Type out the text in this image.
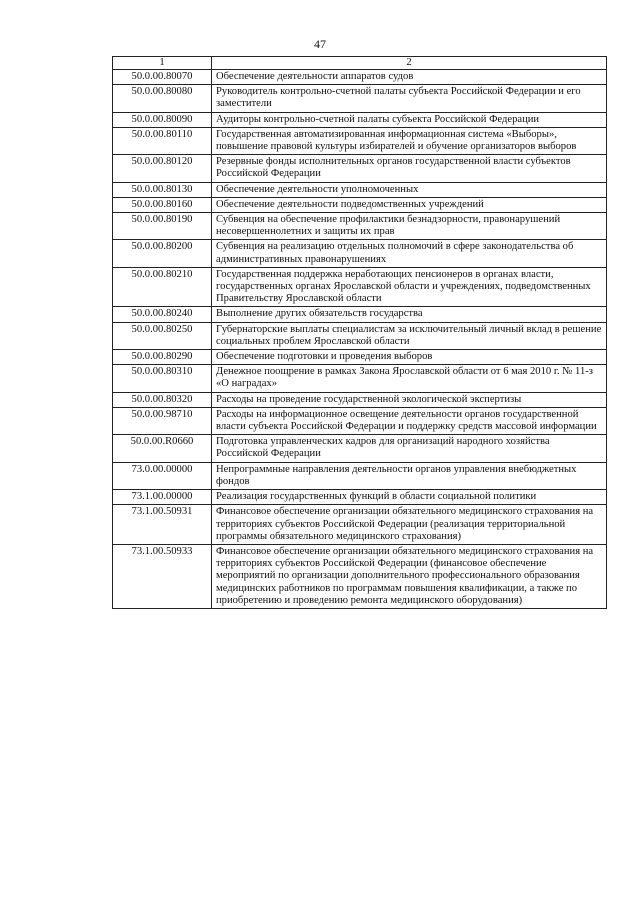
47
1	2
50.0.00.80070	Обеспечение деятельности аппаратов судов
50.0.00.80080	Руководитель контрольно-счетной палаты субъекта Российской Федерации и его заместители
50.0.00.80090	Аудиторы контрольно-счетной палаты субъекта Российской Федерации
50.0.00.80110	Государственная автоматизированная информационная система «Выборы», повышение правовой культуры избирателей и обучение организаторов выборов
50.0.00.80120	Резервные фонды исполнительных органов государственной власти субъектов Российской Федерации
50.0.00.80130	Обеспечение деятельности уполномоченных
50.0.00.80160	Обеспечение деятельности подведомственных учреждений
50.0.00.80190	Субвенция на обеспечение профилактики безнадзорности, правонарушений несовершеннолетних и защиты их прав
50.0.00.80200	Субвенция на реализацию отдельных полномочий в сфере законодательства об административных правонарушениях
50.0.00.80210	Государственная поддержка неработающих пенсионеров в органах власти, государственных органах Ярославской области и учреждениях, подведомственных Правительству Ярославской области
50.0.00.80240	Выполнение других обязательств государства
50.0.00.80250	Губернаторские выплаты специалистам за исключительный личный вклад в решение социальных проблем Ярославской области
50.0.00.80290	Обеспечение подготовки и проведения выборов
50.0.00.80310	Денежное поощрение в рамках Закона Ярославской области от 6 мая 2010 г. № 11-з «О наградах»
50.0.00.80320	Расходы на проведение государственной экологической экспертизы
50.0.00.98710	Расходы на информационное освещение деятельности органов государственной власти субъекта Российской Федерации и поддержку средств массовой информации
50.0.00.R0660	Подготовка управленческих кадров для организаций народного хозяйства Российской Федерации
73.0.00.00000	Непрограммные направления деятельности органов управления внебюджетных фондов
73.1.00.00000	Реализация государственных функций в области социальной политики
73.1.00.50931	Финансовое обеспечение организации обязательного медицинского страхования на территориях субъектов Российской Федерации (реализация территориальной программы обязательного медицинского страхования)
73.1.00.50933	Финансовое обеспечение организации обязательного медицинского страхования на территориях субъектов Российской Федерации (финансовое обеспечение мероприятий по организации дополнительного профессионального образования медицинских работников по программам повышения квалификации, а также по приобретению и проведению ремонта медицинского оборудования)
